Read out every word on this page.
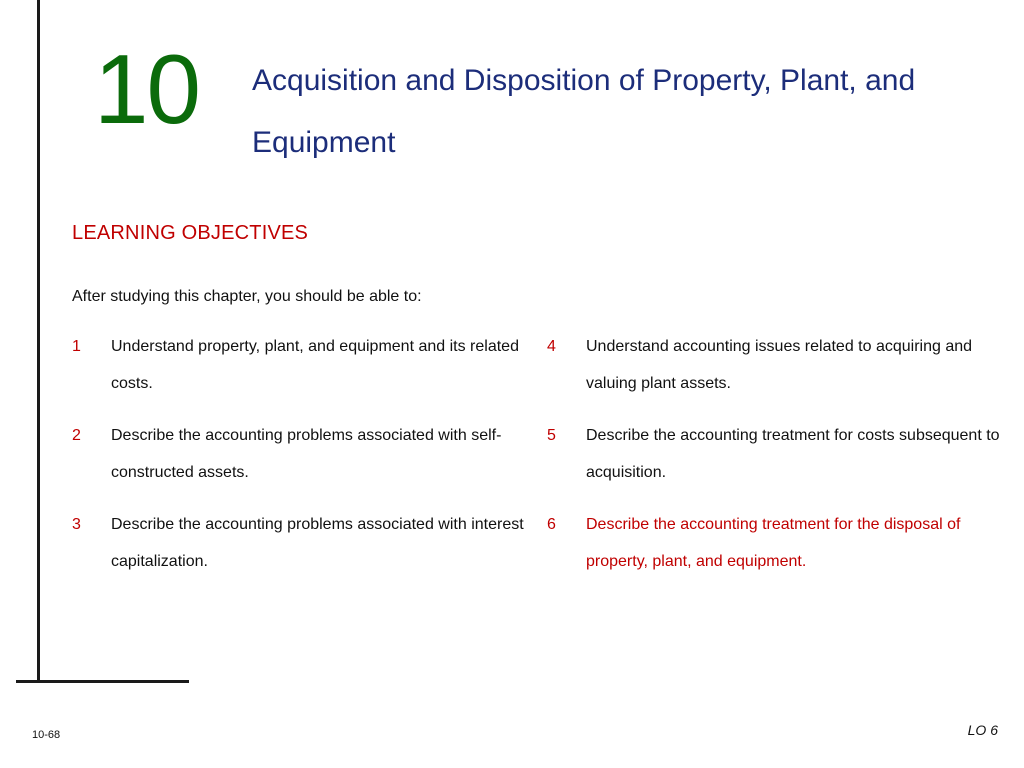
10 Acquisition and Disposition of Property, Plant, and Equipment
LEARNING OBJECTIVES
After studying this chapter, you should be able to:
1 Understand property, plant, and equipment and its related costs.
2 Describe the accounting problems associated with self-constructed assets.
3 Describe the accounting problems associated with interest capitalization.
4 Understand accounting issues related to acquiring and valuing plant assets.
5 Describe the accounting treatment for costs subsequent to acquisition.
6 Describe the accounting treatment for the disposal of property, plant, and equipment.
10-68	LO 6
